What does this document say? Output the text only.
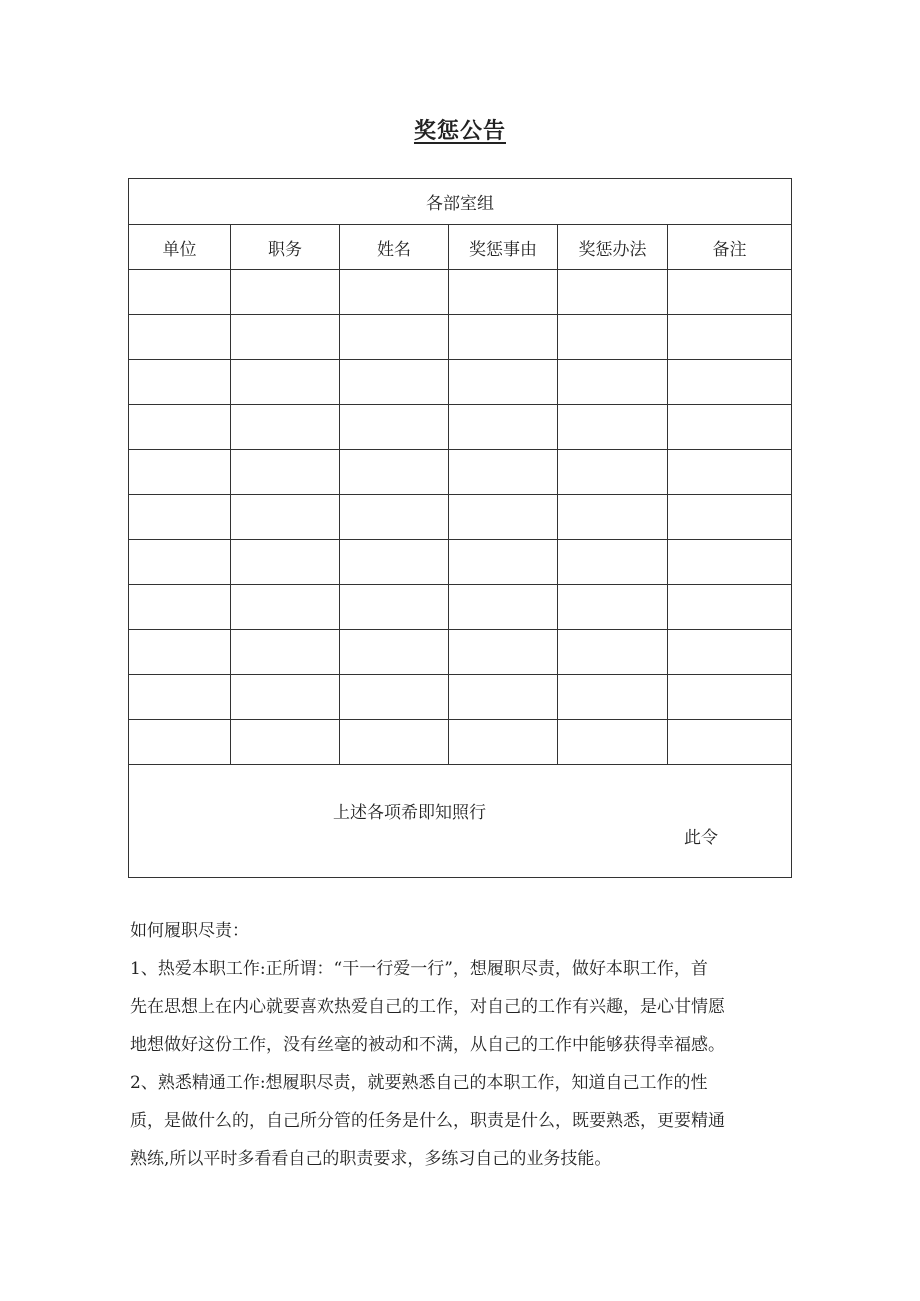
奖惩公告
各部室组					
单位	职务	姓名	奖惩事由	奖惩办法	备注

上述各项希即知照行
此令					

如何履职尽责：

1、热爱本职工作:正所谓：“干一行爱一行”，想履职尽责，做好本职工作，首
先在思想上在内心就要喜欢热爱自己的工作，对自己的工作有兴趣，是心甘情愿
地想做好这份工作，没有丝毫的被动和不满，从自己的工作中能够获得幸福感。
2、熟悉精通工作:想履职尽责，就要熟悉自己的本职工作，知道自己工作的性
质，是做什么的，自己所分管的任务是什么，职责是什么，既要熟悉，更要精通
熟练,所以平时多看看自己的职责要求，多练习自己的业务技能。
